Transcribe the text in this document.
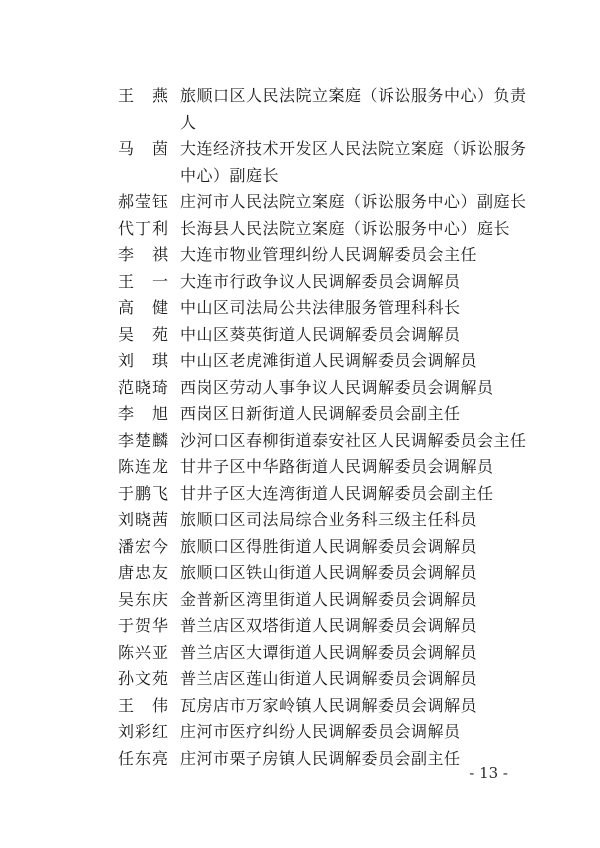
王 燕 旅顺口区人民法院立案庭（诉讼服务中心）负责人
马 茵 大连经济技术开发区人民法院立案庭（诉讼服务
中心）副庭长
郝 莹 钰 庄河市人民法院立案庭（诉讼服务中心）副庭长
代 丁 利 长海县人民法院立案庭（诉讼服务中心）庭长
李 祺 大连市物业管理纠纷人民调解委员会主任
王 一 大连市行政争议人民调解委员会调解员
高 健 中山区司法局公共法律服务管理科科长
吴 苑 中山区葵英街道人民调解委员会调解员
刘 琪 中山区老虎滩街道人民调解委员会调解员
范 晓 琦 西岗区劳动人事争议人民调解委员会调解员
李 旭 西岗区日新街道人民调解委员会副主任
李 楚 麟 沙河口区春柳街道泰安社区人民调解委员会主任
陈 连 龙 甘井子区中华路街道人民调解委员会调解员
于 鹏 飞 甘井子区大连湾街道人民调解委员会副主任
刘 晓 茜 旅顺口区司法局综合业务科三级主任科员
潘 宏 今 旅顺口区得胜街道人民调解委员会调解员
唐 忠 友 旅顺口区铁山街道人民调解委员会调解员
吴 东 庆 金普新区湾里街道人民调解委员会调解员
于 贺 华 普兰店区双塔街道人民调解委员会调解员
陈 兴 亚 普兰店区大谭街道人民调解委员会调解员
孙 文 苑 普兰店区莲山街道人民调解委员会调解员
王 伟 瓦房店市万家岭镇人民调解委员会调解员
刘 彩 红 庄河市医疗纠纷人民调解委员会调解员
任 东 亮 庄河市栗子房镇人民调解委员会副主任
- 13 -
